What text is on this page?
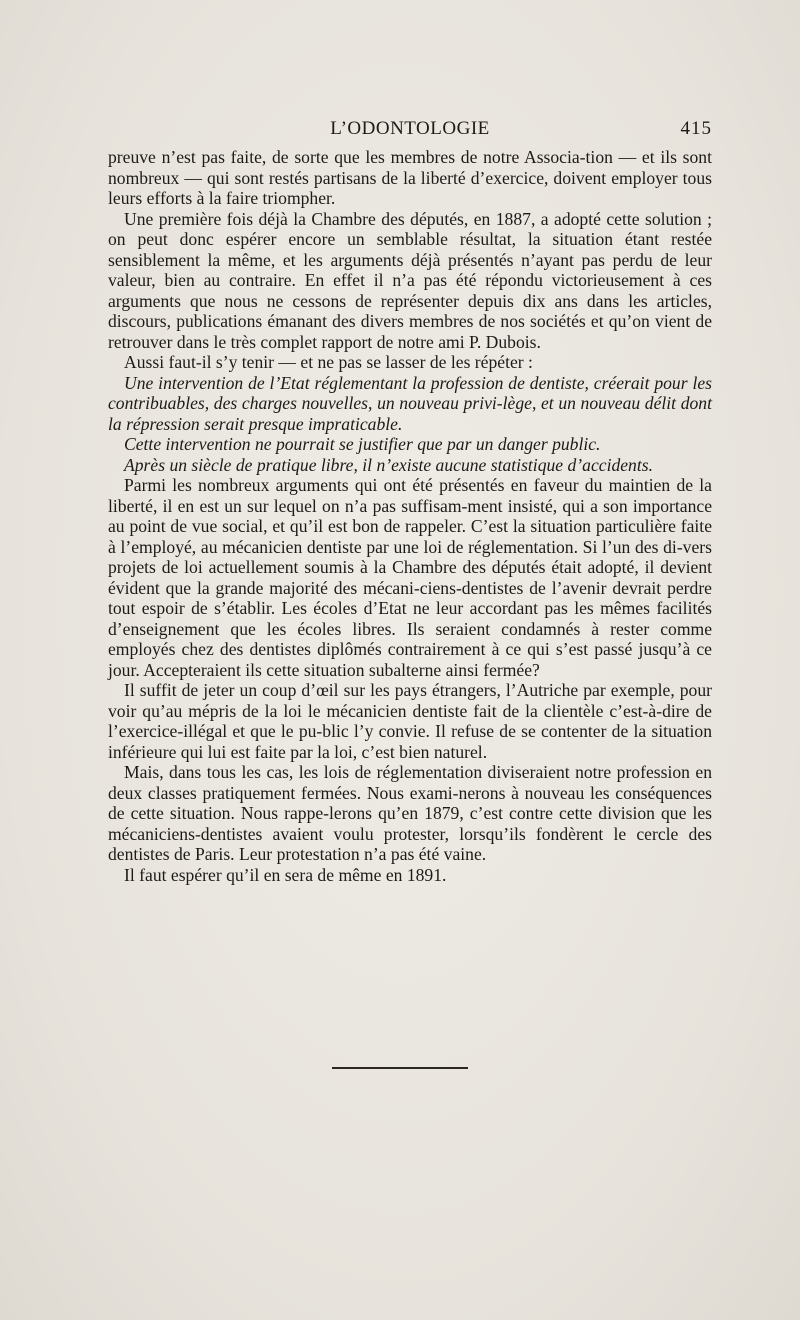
L’ODONTOLOGIE	415

preuve n’est pas faite, de sorte que les membres de notre Associa-tion — et ils sont nombreux — qui sont restés partisans de la liberté d’exercice, doivent employer tous leurs efforts à la faire triompher.

Une première fois déjà la Chambre des députés, en 1887, a adopté cette solution ; on peut donc espérer encore un semblable résultat, la situation étant restée sensiblement la même, et les arguments déjà présentés n’ayant pas perdu de leur valeur, bien au contraire. En effet il n’a pas été répondu victorieusement à ces arguments que nous ne cessons de représenter depuis dix ans dans les articles, discours, publications émanant des divers membres de nos sociétés et qu’on vient de retrouver dans le très complet rapport de notre ami P. Dubois.

Aussi faut-il s’y tenir — et ne pas se lasser de les répéter :

Une intervention de l’Etat réglementant la profession de dentiste, créerait pour les contribuables, des charges nouvelles, un nouveau privi-lège, et un nouveau délit dont la répression serait presque impraticable.

Cette intervention ne pourrait se justifier que par un danger public.

Après un siècle de pratique libre, il n’existe aucune statistique d’accidents.

Parmi les nombreux arguments qui ont été présentés en faveur du maintien de la liberté, il en est un sur lequel on n’a pas suffisam-ment insisté, qui a son importance au point de vue social, et qu’il est bon de rappeler. C’est la situation particulière faite à l’employé, au mécanicien dentiste par une loi de réglementation. Si l’un des di-vers projets de loi actuellement soumis à la Chambre des députés était adopté, il devient évident que la grande majorité des mécani-ciens-dentistes de l’avenir devrait perdre tout espoir de s’établir. Les écoles d’Etat ne leur accordant pas les mêmes facilités d’enseignement que les écoles libres. Ils seraient condamnés à rester comme employés chez des dentistes diplômés contrairement à ce qui s’est passé jusqu’à ce jour. Accepteraient ils cette situation subalterne ainsi fermée?

Il suffit de jeter un coup d’œil sur les pays étrangers, l’Autriche par exemple, pour voir qu’au mépris de la loi le mécanicien dentiste fait de la clientèle c’est-à-dire de l’exercice-illégal et que le pu-blic l’y convie. Il refuse de se contenter de la situation inférieure qui lui est faite par la loi, c’est bien naturel.

Mais, dans tous les cas, les lois de réglementation diviseraient notre profession en deux classes pratiquement fermées. Nous exami-nerons à nouveau les conséquences de cette situation. Nous rappe-lerons qu’en 1879, c’est contre cette division que les mécaniciens-dentistes avaient voulu protester, lorsqu’ils fondèrent le cercle des dentistes de Paris. Leur protestation n’a pas été vaine.

Il faut espérer qu’il en sera de même en 1891.
